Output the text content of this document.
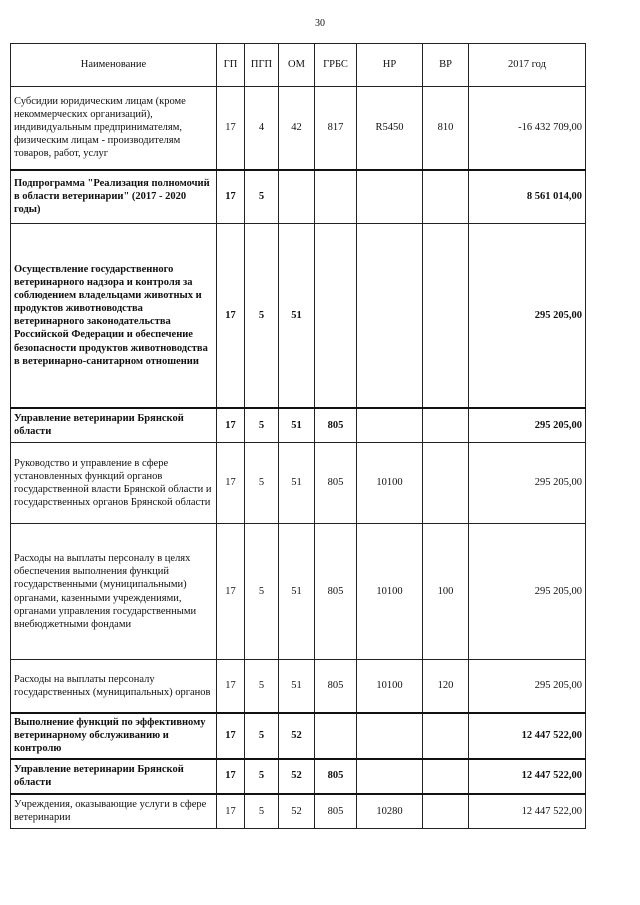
30
Наименование	ГП	ПГП	ОМ	ГРБС	НР	ВР	2017 год
Субсидии юридическим лицам (кроме некоммерческих организаций), индивидуальным предпринимателям, физическим лицам - производителям товаров, работ, услуг	17	4	42	817	R5450	810	-16 432 709,00
Подпрограмма "Реализация полномочий в области ветеринарии" (2017 - 2020 годы)	17	5					8 561 014,00
Осуществление государственного ветеринарного надзора и контроля за соблюдением владельцами животных и продуктов животноводства ветеринарного законодательства Российской Федерации и обеспечение безопасности продуктов животноводства в ветеринарно-санитарном отношении	17	5	51				295 205,00
Управление ветеринарии Брянской области	17	5	51	805			295 205,00
Руководство и управление в сфере установленных функций органов государственной власти Брянской области и государственных органов Брянской области	17	5	51	805	10100		295 205,00
Расходы на выплаты персоналу в целях обеспечения выполнения функций государственными (муниципальными) органами, казенными учреждениями, органами управления государственными внебюджетными фондами	17	5	51	805	10100	100	295 205,00
Расходы на выплаты персоналу государственных (муниципальных) органов	17	5	51	805	10100	120	295 205,00
Выполнение функций по эффективному ветеринарному обслуживанию и контролю	17	5	52				12 447 522,00
Управление ветеринарии Брянской области	17	5	52	805			12 447 522,00
Учреждения, оказывающие услуги в сфере ветеринарии	17	5	52	805	10280		12 447 522,00
